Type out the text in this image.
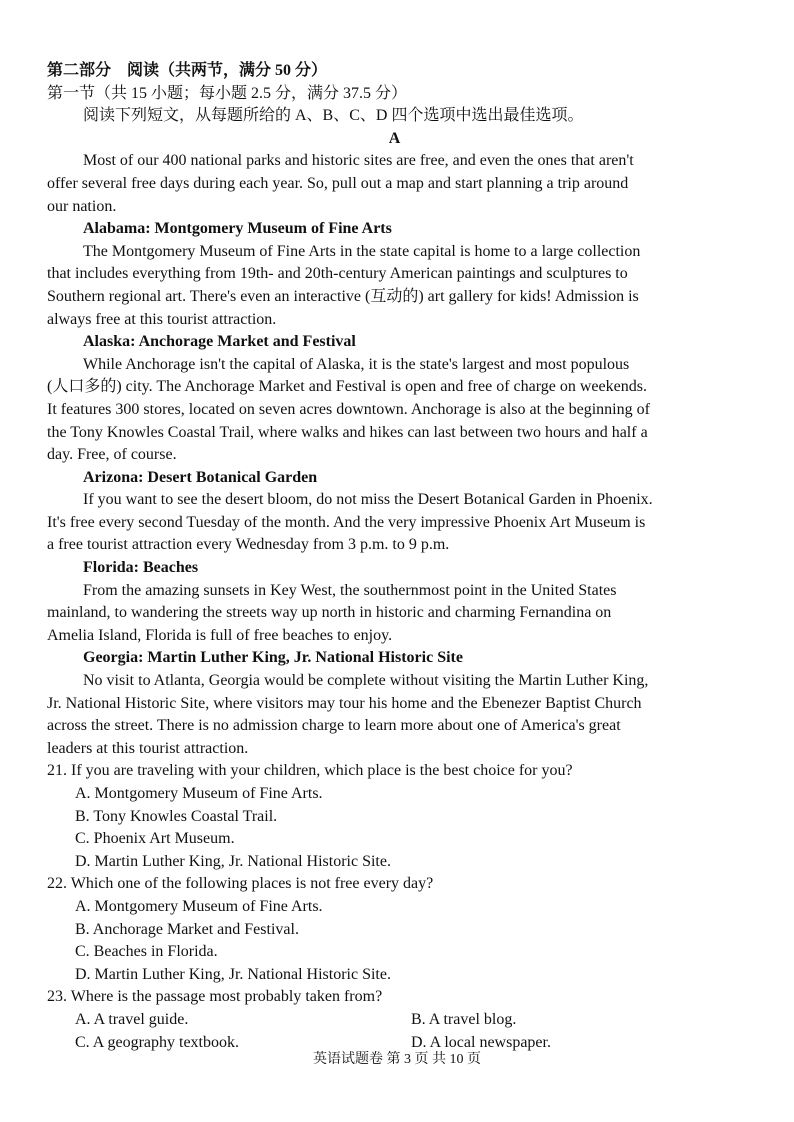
第二部分　阅读（共两节，满分 50 分）
第一节（共 15 小题；每小题 2.5 分，满分 37.5 分）
阅读下列短文，从每题所给的 A、B、C、D 四个选项中选出最佳选项。
A
Most of our 400 national parks and historic sites are free, and even the ones that aren't
offer several free days during each year. So, pull out a map and start planning a trip around
our nation.
Alabama: Montgomery Museum of Fine Arts
The Montgomery Museum of Fine Arts in the state capital is home to a large collection
that includes everything from 19th- and 20th-century American paintings and sculptures to
Southern regional art. There's even an interactive (互动的) art gallery for kids! Admission is
always free at this tourist attraction.
Alaska: Anchorage Market and Festival
While Anchorage isn't the capital of Alaska, it is the state's largest and most populous
(人口多的) city. The Anchorage Market and Festival is open and free of charge on weekends.
It features 300 stores, located on seven acres downtown. Anchorage is also at the beginning of
the Tony Knowles Coastal Trail, where walks and hikes can last between two hours and half a
day. Free, of course.
Arizona: Desert Botanical Garden
If you want to see the desert bloom, do not miss the Desert Botanical Garden in Phoenix.
It's free every second Tuesday of the month. And the very impressive Phoenix Art Museum is
a free tourist attraction every Wednesday from 3 p.m. to 9 p.m.
Florida: Beaches
From the amazing sunsets in Key West, the southernmost point in the United States
mainland, to wandering the streets way up north in historic and charming Fernandina on
Amelia Island, Florida is full of free beaches to enjoy.
Georgia: Martin Luther King, Jr. National Historic Site
No visit to Atlanta, Georgia would be complete without visiting the Martin Luther King,
Jr. National Historic Site, where visitors may tour his home and the Ebenezer Baptist Church
across the street. There is no admission charge to learn more about one of America's great
leaders at this tourist attraction.
21. If you are traveling with your children, which place is the best choice for you?
A. Montgomery Museum of Fine Arts.
B. Tony Knowles Coastal Trail.
C. Phoenix Art Museum.
D. Martin Luther King, Jr. National Historic Site.
22. Which one of the following places is not free every day?
A. Montgomery Museum of Fine Arts.
B. Anchorage Market and Festival.
C. Beaches in Florida.
D. Martin Luther King, Jr. National Historic Site.
23. Where is the passage most probably taken from?
A. A travel guide.	B. A travel blog.
C. A geography textbook.	D. A local newspaper.
英语试题卷 第 3 页 共 10 页
